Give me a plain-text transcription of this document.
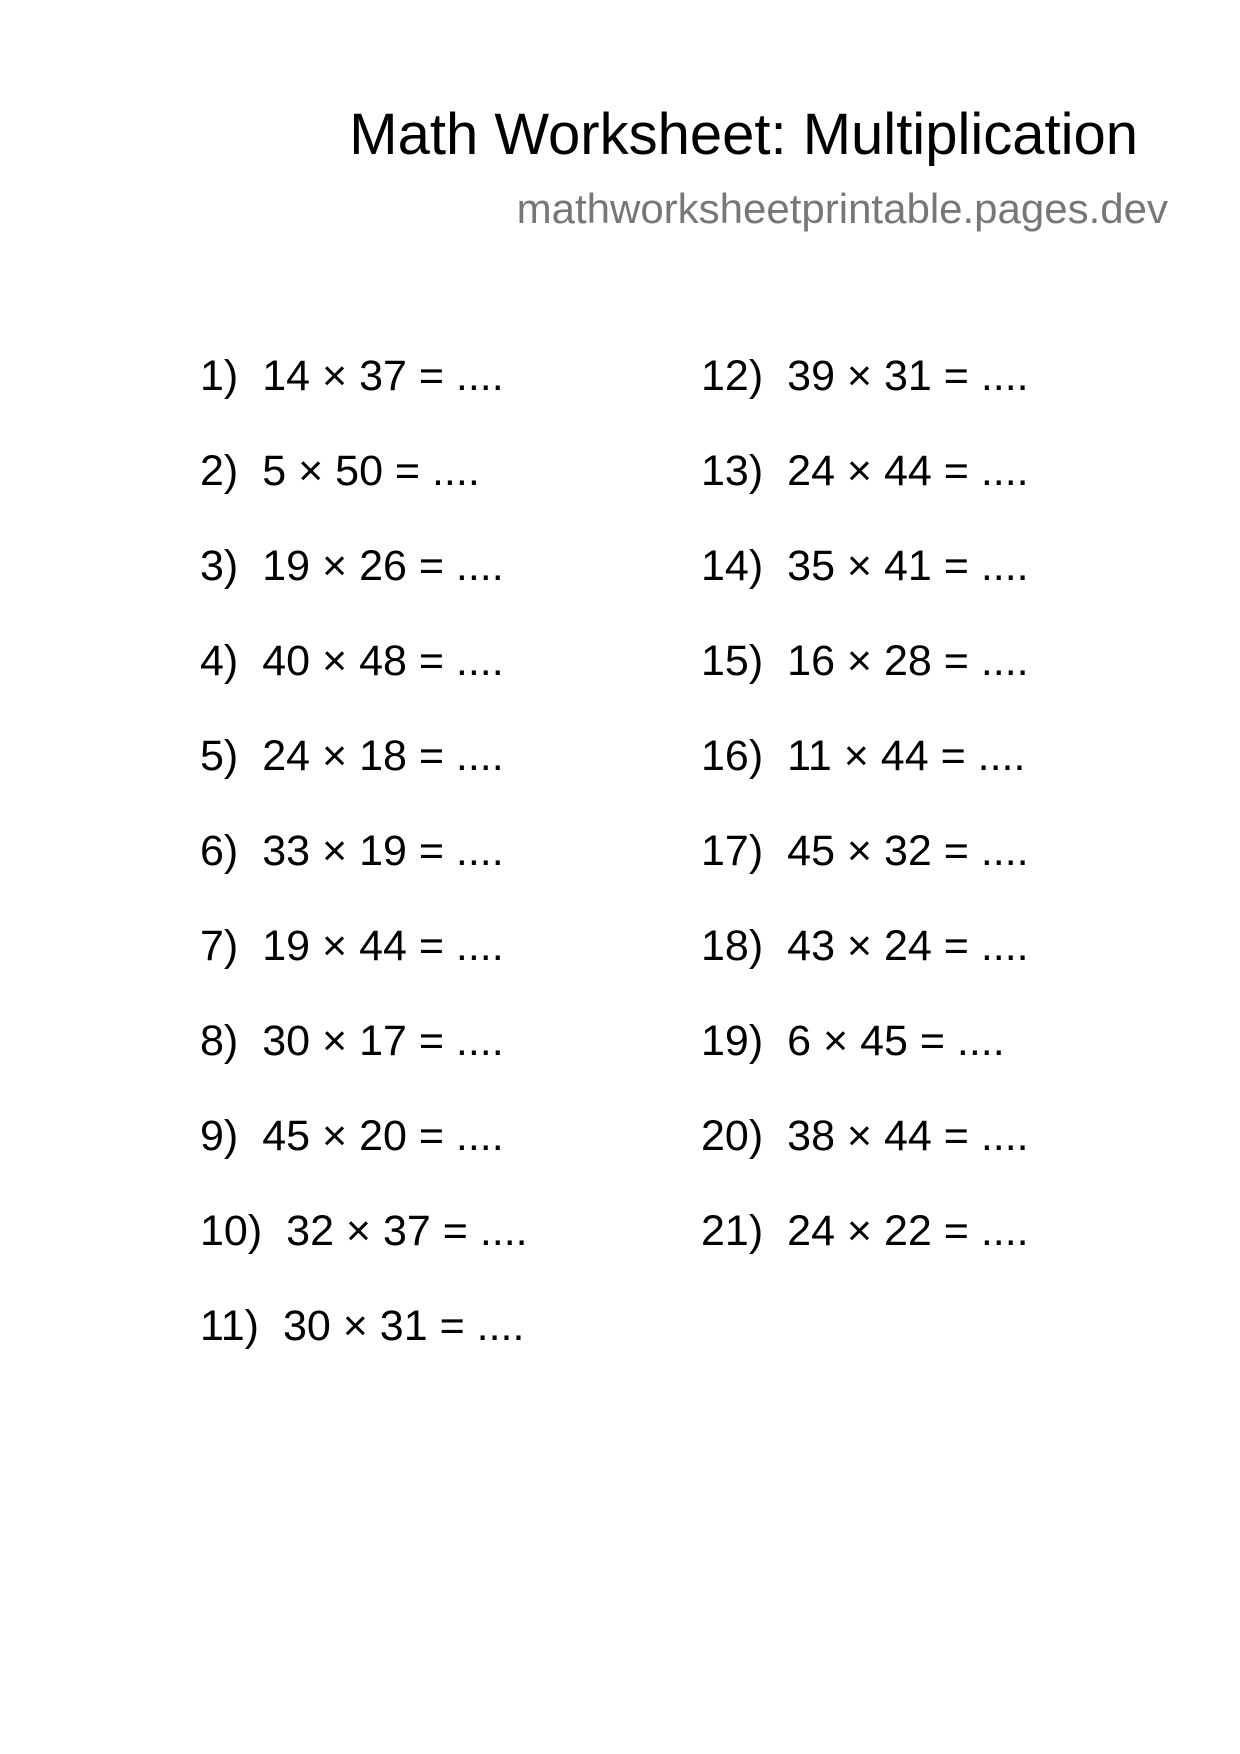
Math Worksheet: Multiplication
mathworksheetprintable.pages.dev
1) 14 × 37 = ....
2) 5 × 50 = ....
3) 19 × 26 = ....
4) 40 × 48 = ....
5) 24 × 18 = ....
6) 33 × 19 = ....
7) 19 × 44 = ....
8) 30 × 17 = ....
9) 45 × 20 = ....
10) 32 × 37 = ....
11) 30 × 31 = ....
12) 39 × 31 = ....
13) 24 × 44 = ....
14) 35 × 41 = ....
15) 16 × 28 = ....
16) 11 × 44 = ....
17) 45 × 32 = ....
18) 43 × 24 = ....
19) 6 × 45 = ....
20) 38 × 44 = ....
21) 24 × 22 = ....
